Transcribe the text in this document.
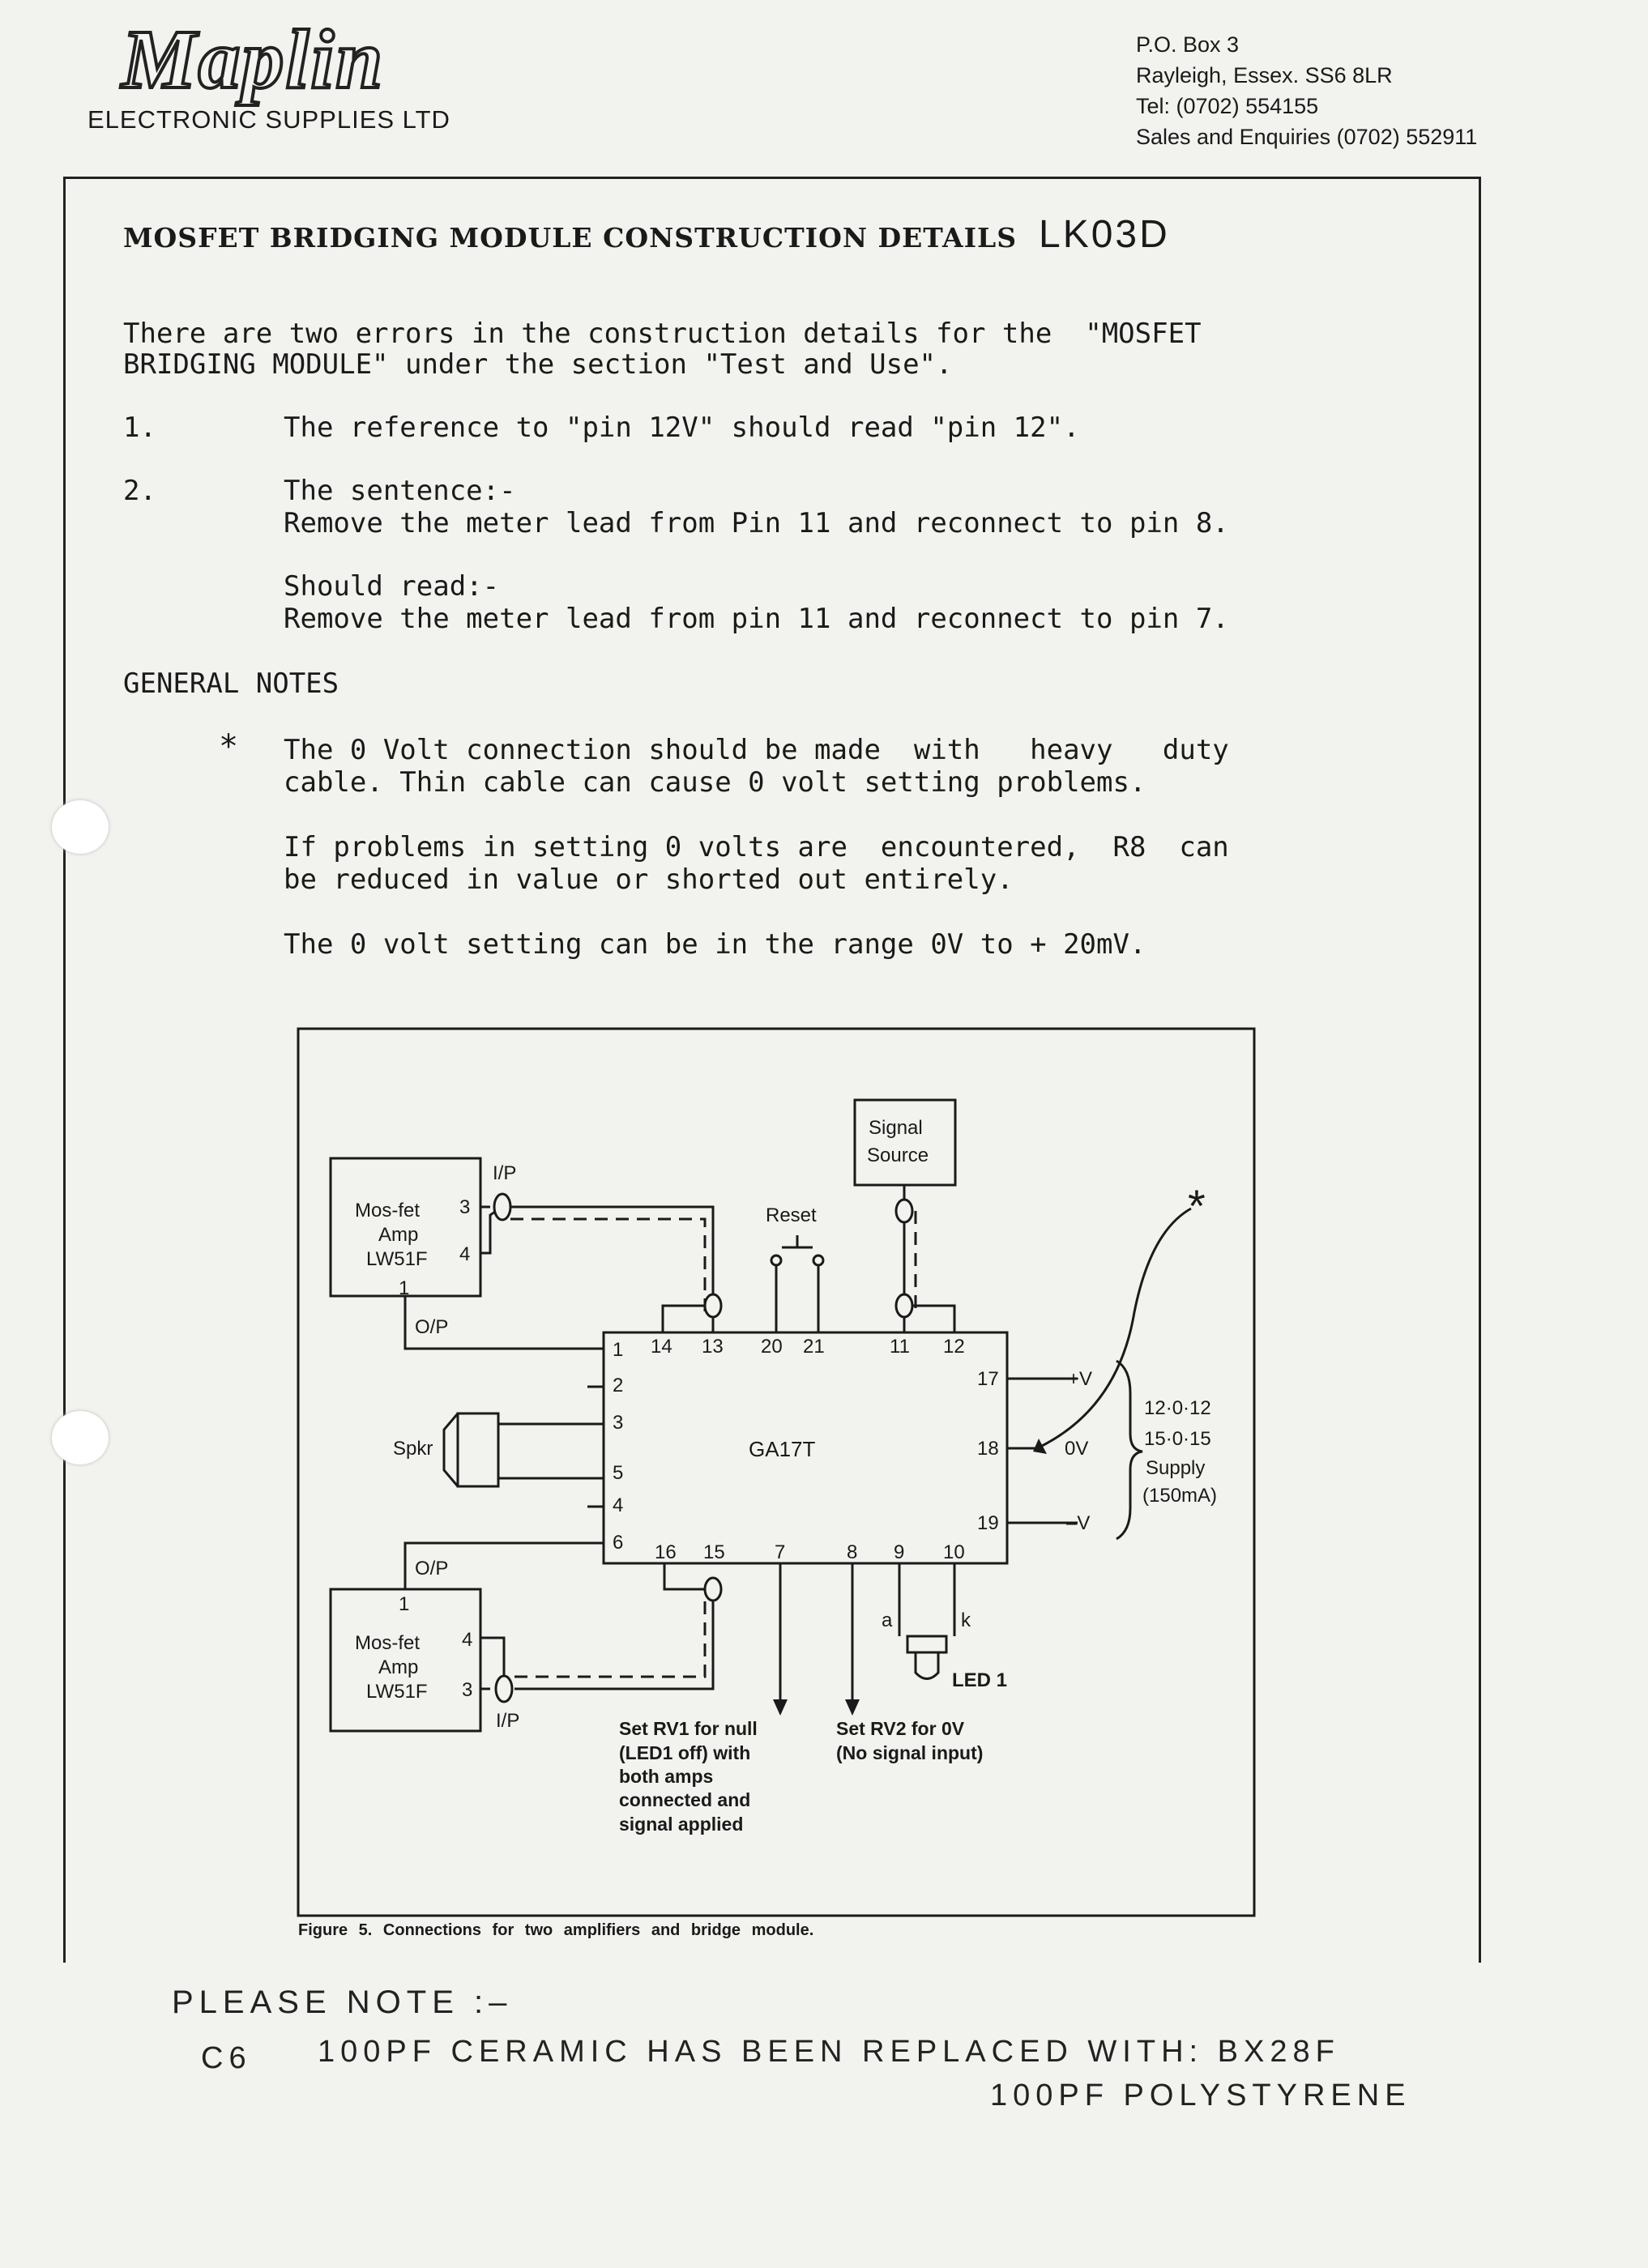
Maplin
ELECTRONIC SUPPLIES LTD
P.O. Box 3
Rayleigh, Essex. SS6 8LR
Tel: (0702) 554155
Sales and Enquiries (0702) 552911
MOSFET BRIDGING MODULE CONSTRUCTION DETAILS LK03D
There are two errors in the construction details for the  "MOSFET
BRIDGING MODULE" under the section "Test and Use".
1.	The reference to "pin 12V" should read "pin 12".
2.	The sentence:-
Remove the meter lead from Pin 11 and reconnect to pin 8.
Should read:-
Remove the meter lead from pin 11 and reconnect to pin 7.
GENERAL NOTES
* The 0 Volt connection should be made  with   heavy   duty
cable. Thin cable can cause 0 volt setting problems.
If problems in setting 0 volts are  encountered,  R8  can
be reduced in value or shorted out entirely.
The 0 volt setting can be in the range 0V to + 20mV.
Signal
Source
Reset
Mos-fet
Amp
LW51F
3
4
1
I/P
O/P
Mos-fet
Amp
LW51F
4
3
1
I/P
O/P
Spkr	GA17T
14 13 20 21	11 12
1
2
3
5
4
6 16 15	7	8 9 10
17
18
19
+V
0V
–V
12·0·12
15·0·15
Supply
(150mA)
a	k
LED 1
Set RV1 for null
(LED1 off) with
both amps
connected and
signal applied
Set RV2 for 0V
(No signal input)
*
Figure 5. Connections for two amplifiers and bridge module.
PLEASE NOTE :–
C6 100PF CERAMIC HAS BEEN REPLACED WITH: BX28F
100PF POLYSTYRENE
